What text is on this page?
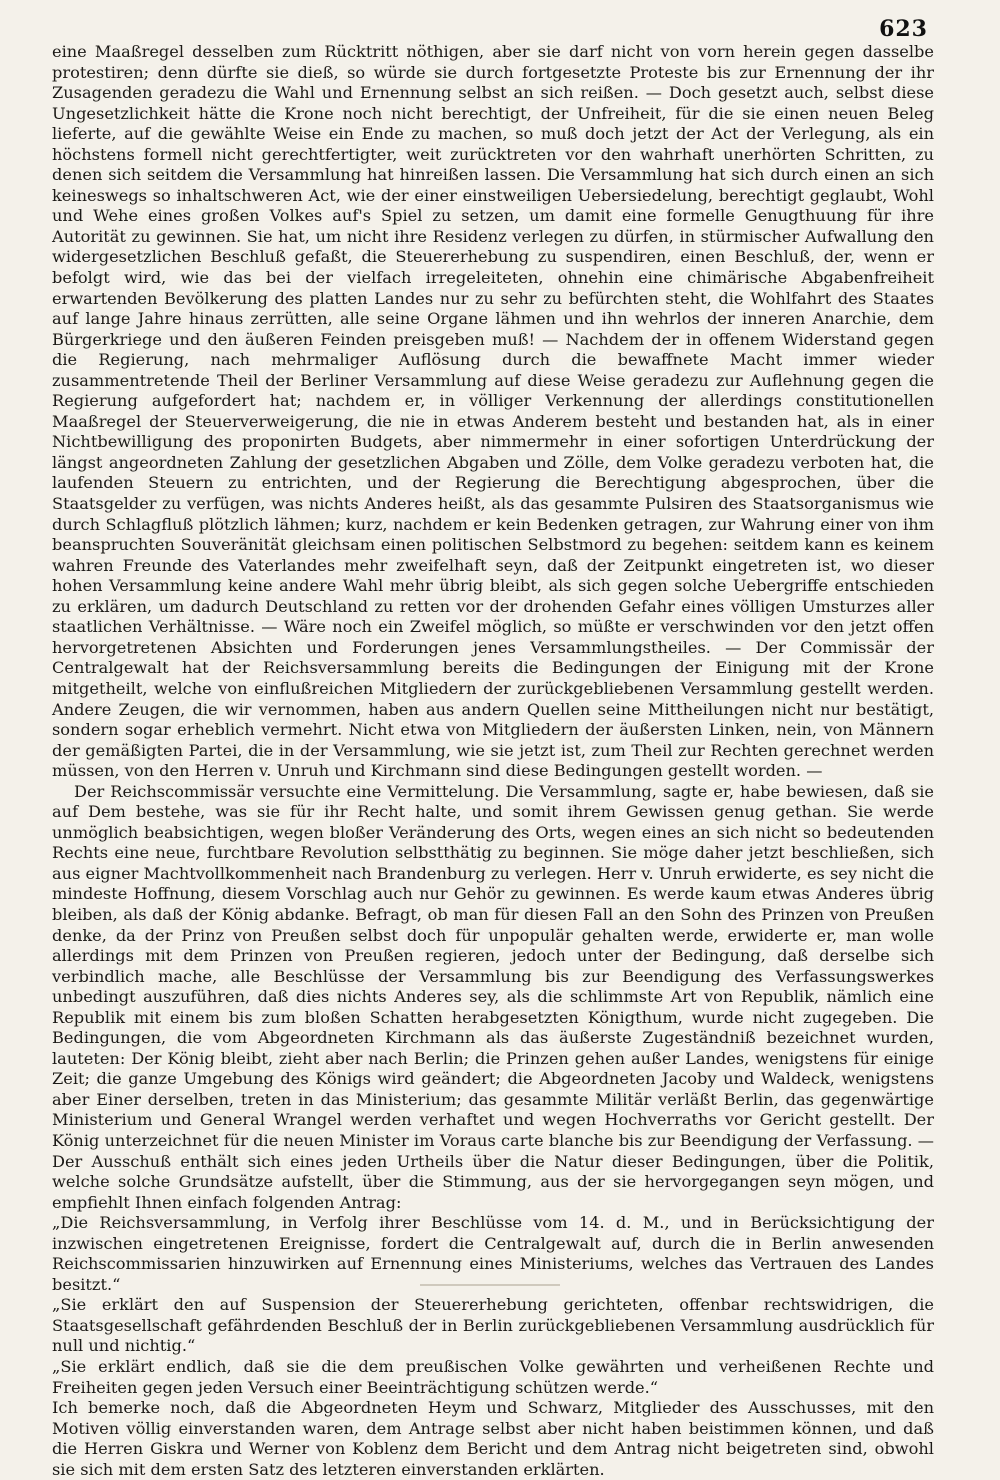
623

eine Maaßregel desselben zum Rücktritt nöthigen, aber sie darf nicht von vorn herein gegen dasselbe protestiren; denn dürfte sie dieß, so würde sie durch fortgesetzte Proteste bis zur Ernennung der ihr Zusagenden geradezu die Wahl und Ernennung selbst an sich reißen. — Doch gesetzt auch, selbst diese Ungesetzlichkeit hätte die Krone noch nicht berechtigt, der Unfreiheit, für die sie einen neuen Beleg lieferte, auf die gewählte Weise ein Ende zu machen, so muß doch jetzt der Act der Verlegung, als ein höchstens formell nicht gerechtfertigter, weit zurücktreten vor den wahrhaft unerhörten Schritten, zu denen sich seitdem die Versammlung hat hinreißen lassen. Die Versammlung hat sich durch einen an sich keineswegs so inhaltschweren Act, wie der einer einstweiligen Uebersiedelung, berechtigt geglaubt, Wohl und Wehe eines großen Volkes auf's Spiel zu setzen, um damit eine formelle Genugthuung für ihre Autorität zu gewinnen. Sie hat, um nicht ihre Residenz verlegen zu dürfen, in stürmischer Aufwallung den widergesetzlichen Beschluß gefaßt, die Steuererhebung zu suspendiren, einen Beschluß, der, wenn er befolgt wird, wie das bei der vielfach irregeleiteten, ohnehin eine chimärische Abgabenfreiheit erwartenden Bevölkerung des platten Landes nur zu sehr zu befürchten steht, die Wohlfahrt des Staates auf lange Jahre hinaus zerrütten, alle seine Organe lähmen und ihn wehrlos der inneren Anarchie, dem Bürgerkriege und den äußeren Feinden preisgeben muß! — Nachdem der in offenem Widerstand gegen die Regierung, nach mehrmaliger Auflösung durch die bewaffnete Macht immer wieder zusammentretende Theil der Berliner Versammlung auf diese Weise geradezu zur Auflehnung gegen die Regierung aufgefordert hat; nachdem er, in völliger Verkennung der allerdings constitutionellen Maaßregel der Steuerverweigerung, die nie in etwas Anderem besteht und bestanden hat, als in einer Nichtbewilligung des proponirten Budgets, aber nimmermehr in einer sofortigen Unterdrückung der längst angeordneten Zahlung der gesetzlichen Abgaben und Zölle, dem Volke geradezu verboten hat, die laufenden Steuern zu entrichten, und der Regierung die Berechtigung abgesprochen, über die Staatsgelder zu verfügen, was nichts Anderes heißt, als das gesammte Pulsiren des Staatsorganismus wie durch Schlagfluß plötzlich lähmen; kurz, nachdem er kein Bedenken getragen, zur Wahrung einer von ihm beanspruchten Souveränität gleichsam einen politischen Selbstmord zu begehen: seitdem kann es keinem wahren Freunde des Vaterlandes mehr zweifelhaft seyn, daß der Zeitpunkt eingetreten ist, wo dieser hohen Versammlung keine andere Wahl mehr übrig bleibt, als sich gegen solche Uebergriffe entschieden zu erklären, um dadurch Deutschland zu retten vor der drohenden Gefahr eines völligen Umsturzes aller staatlichen Verhältnisse. — Wäre noch ein Zweifel möglich, so müßte er verschwinden vor den jetzt offen hervorgetretenen Absichten und Forderungen jenes Versammlungstheiles. — Der Commissär der Centralgewalt hat der Reichsversammlung bereits die Bedingungen der Einigung mit der Krone mitgetheilt, welche von einflußreichen Mitgliedern der zurückgebliebenen Versammlung gestellt werden. Andere Zeugen, die wir vernommen, haben aus andern Quellen seine Mittheilungen nicht nur bestätigt, sondern sogar erheblich vermehrt. Nicht etwa von Mitgliedern der äußersten Linken, nein, von Männern der gemäßigten Partei, die in der Versammlung, wie sie jetzt ist, zum Theil zur Rechten gerechnet werden müssen, von den Herren v. Unruh und Kirchmann sind diese Bedingungen gestellt worden. —

Der Reichscommissär versuchte eine Vermittelung. Die Versammlung, sagte er, habe bewiesen, daß sie auf Dem bestehe, was sie für ihr Recht halte, und somit ihrem Gewissen genug gethan. Sie werde unmöglich beabsichtigen, wegen bloßer Veränderung des Orts, wegen eines an sich nicht so bedeutenden Rechts eine neue, furchtbare Revolution selbstthätig zu beginnen. Sie möge daher jetzt beschließen, sich aus eigner Machtvollkommenheit nach Brandenburg zu verlegen. Herr v. Unruh erwiderte, es sey nicht die mindeste Hoffnung, diesem Vorschlag auch nur Gehör zu gewinnen. Es werde kaum etwas Anderes übrig bleiben, als daß der König abdanke. Befragt, ob man für diesen Fall an den Sohn des Prinzen von Preußen denke, da der Prinz von Preußen selbst doch für unpopulär gehalten werde, erwiderte er, man wolle allerdings mit dem Prinzen von Preußen regieren, jedoch unter der Bedingung, daß derselbe sich verbindlich mache, alle Beschlüsse der Versammlung bis zur Beendigung des Verfassungswerkes unbedingt auszuführen, daß dies nichts Anderes sey, als die schlimmste Art von Republik, nämlich eine Republik mit einem bis zum bloßen Schatten herabgesetzten Königthum, wurde nicht zugegeben. Die Bedingungen, die vom Abgeordneten Kirchmann als das äußerste Zugeständniß bezeichnet wurden, lauteten: Der König bleibt, zieht aber nach Berlin; die Prinzen gehen außer Landes, wenigstens für einige Zeit; die ganze Umgebung des Königs wird geändert; die Abgeordneten Jacoby und Waldeck, wenigstens aber Einer derselben, treten in das Ministerium; das gesammte Militär verläßt Berlin, das gegenwärtige Ministerium und General Wrangel werden verhaftet und wegen Hochverraths vor Gericht gestellt. Der König unterzeichnet für die neuen Minister im Voraus carte blanche bis zur Beendigung der Verfassung. — Der Ausschuß enthält sich eines jeden Urtheils über die Natur dieser Bedingungen, über die Politik, welche solche Grundsätze aufstellt, über die Stimmung, aus der sie hervorgegangen seyn mögen, und empfiehlt Ihnen einfach folgenden Antrag:

„Die Reichsversammlung, in Verfolg ihrer Beschlüsse vom 14. d. M., und in Berücksichtigung der inzwischen eingetretenen Ereignisse, fordert die Centralgewalt auf, durch die in Berlin anwesenden Reichscommissarien hinzuwirken auf Ernennung eines Ministeriums, welches das Vertrauen des Landes besitzt.“

„Sie erklärt den auf Suspension der Steuererhebung gerichteten, offenbar rechtswidrigen, die Staatsgesellschaft gefährdenden Beschluß der in Berlin zurückgebliebenen Versammlung ausdrücklich für null und nichtig.“

„Sie erklärt endlich, daß sie die dem preußischen Volke gewährten und verheißenen Rechte und Freiheiten gegen jeden Versuch einer Beeinträchtigung schützen werde.“

Ich bemerke noch, daß die Abgeordneten Heym und Schwarz, Mitglieder des Ausschusses, mit den Motiven völlig einverstanden waren, dem Antrage selbst aber nicht haben beistimmen können, und daß die Herren Giskra und Werner von Koblenz dem Bericht und dem Antrag nicht beigetreten sind, obwohl sie sich mit dem ersten Satz des letzteren einverstanden erklärten.
